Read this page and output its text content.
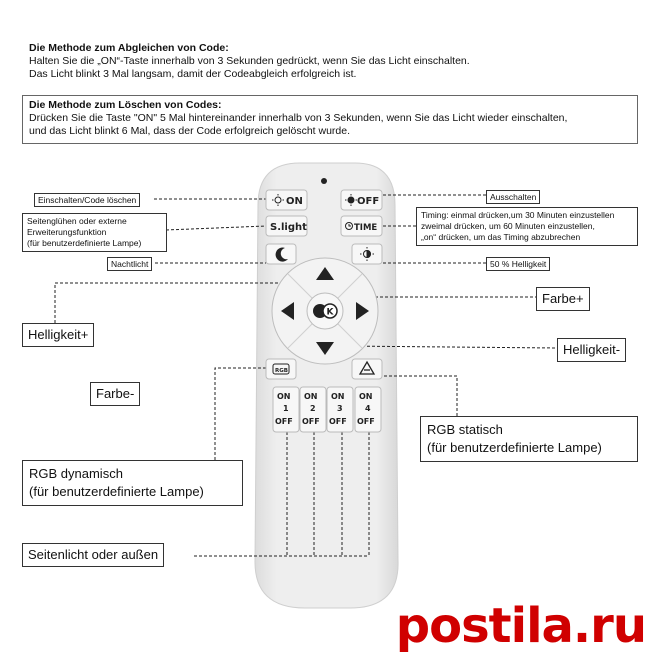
Die Methode zum Abgleichen von Code:
Halten Sie die „ON“-Taste innerhalb von 3 Sekunden gedrückt, wenn Sie das Licht einschalten.
Das Licht blinkt 3 Mal langsam, damit der Codeabgleich erfolgreich ist.
Die Methode zum Löschen von Codes:
Drücken Sie die Taste "ON" 5 Mal hintereinander innerhalb von 3 Sekunden, wenn Sie das Licht wieder einschalten,
und das Licht blinkt 6 Mal, dass der Code erfolgreich gelöscht wurde.
ON	OFF
S.light	TIME
K
RGB
ON
1
OFF
ON
2
OFF
ON
3
OFF
ON
4
OFF
Einschalten/Code löschen	Ausschalten
Seitenglühen oder externe
Erweiterungsfunktion
(für benutzerdefinierte Lampe)
Timing: einmal drücken,um 30 Minuten einzustellen
zweimal drücken, um 60 Minuten einzustellen,
„on“ drücken, um das Timing abzubrechen
Nachtlicht	50 % Helligkeit
Farbe+
Helligkeit+
Helligkeit-
Farbe-
RGB statisch
(für benutzerdefinierte Lampe)
RGB dynamisch
(für benutzerdefinierte Lampe)
Seitenlicht oder außen
postila.ru
